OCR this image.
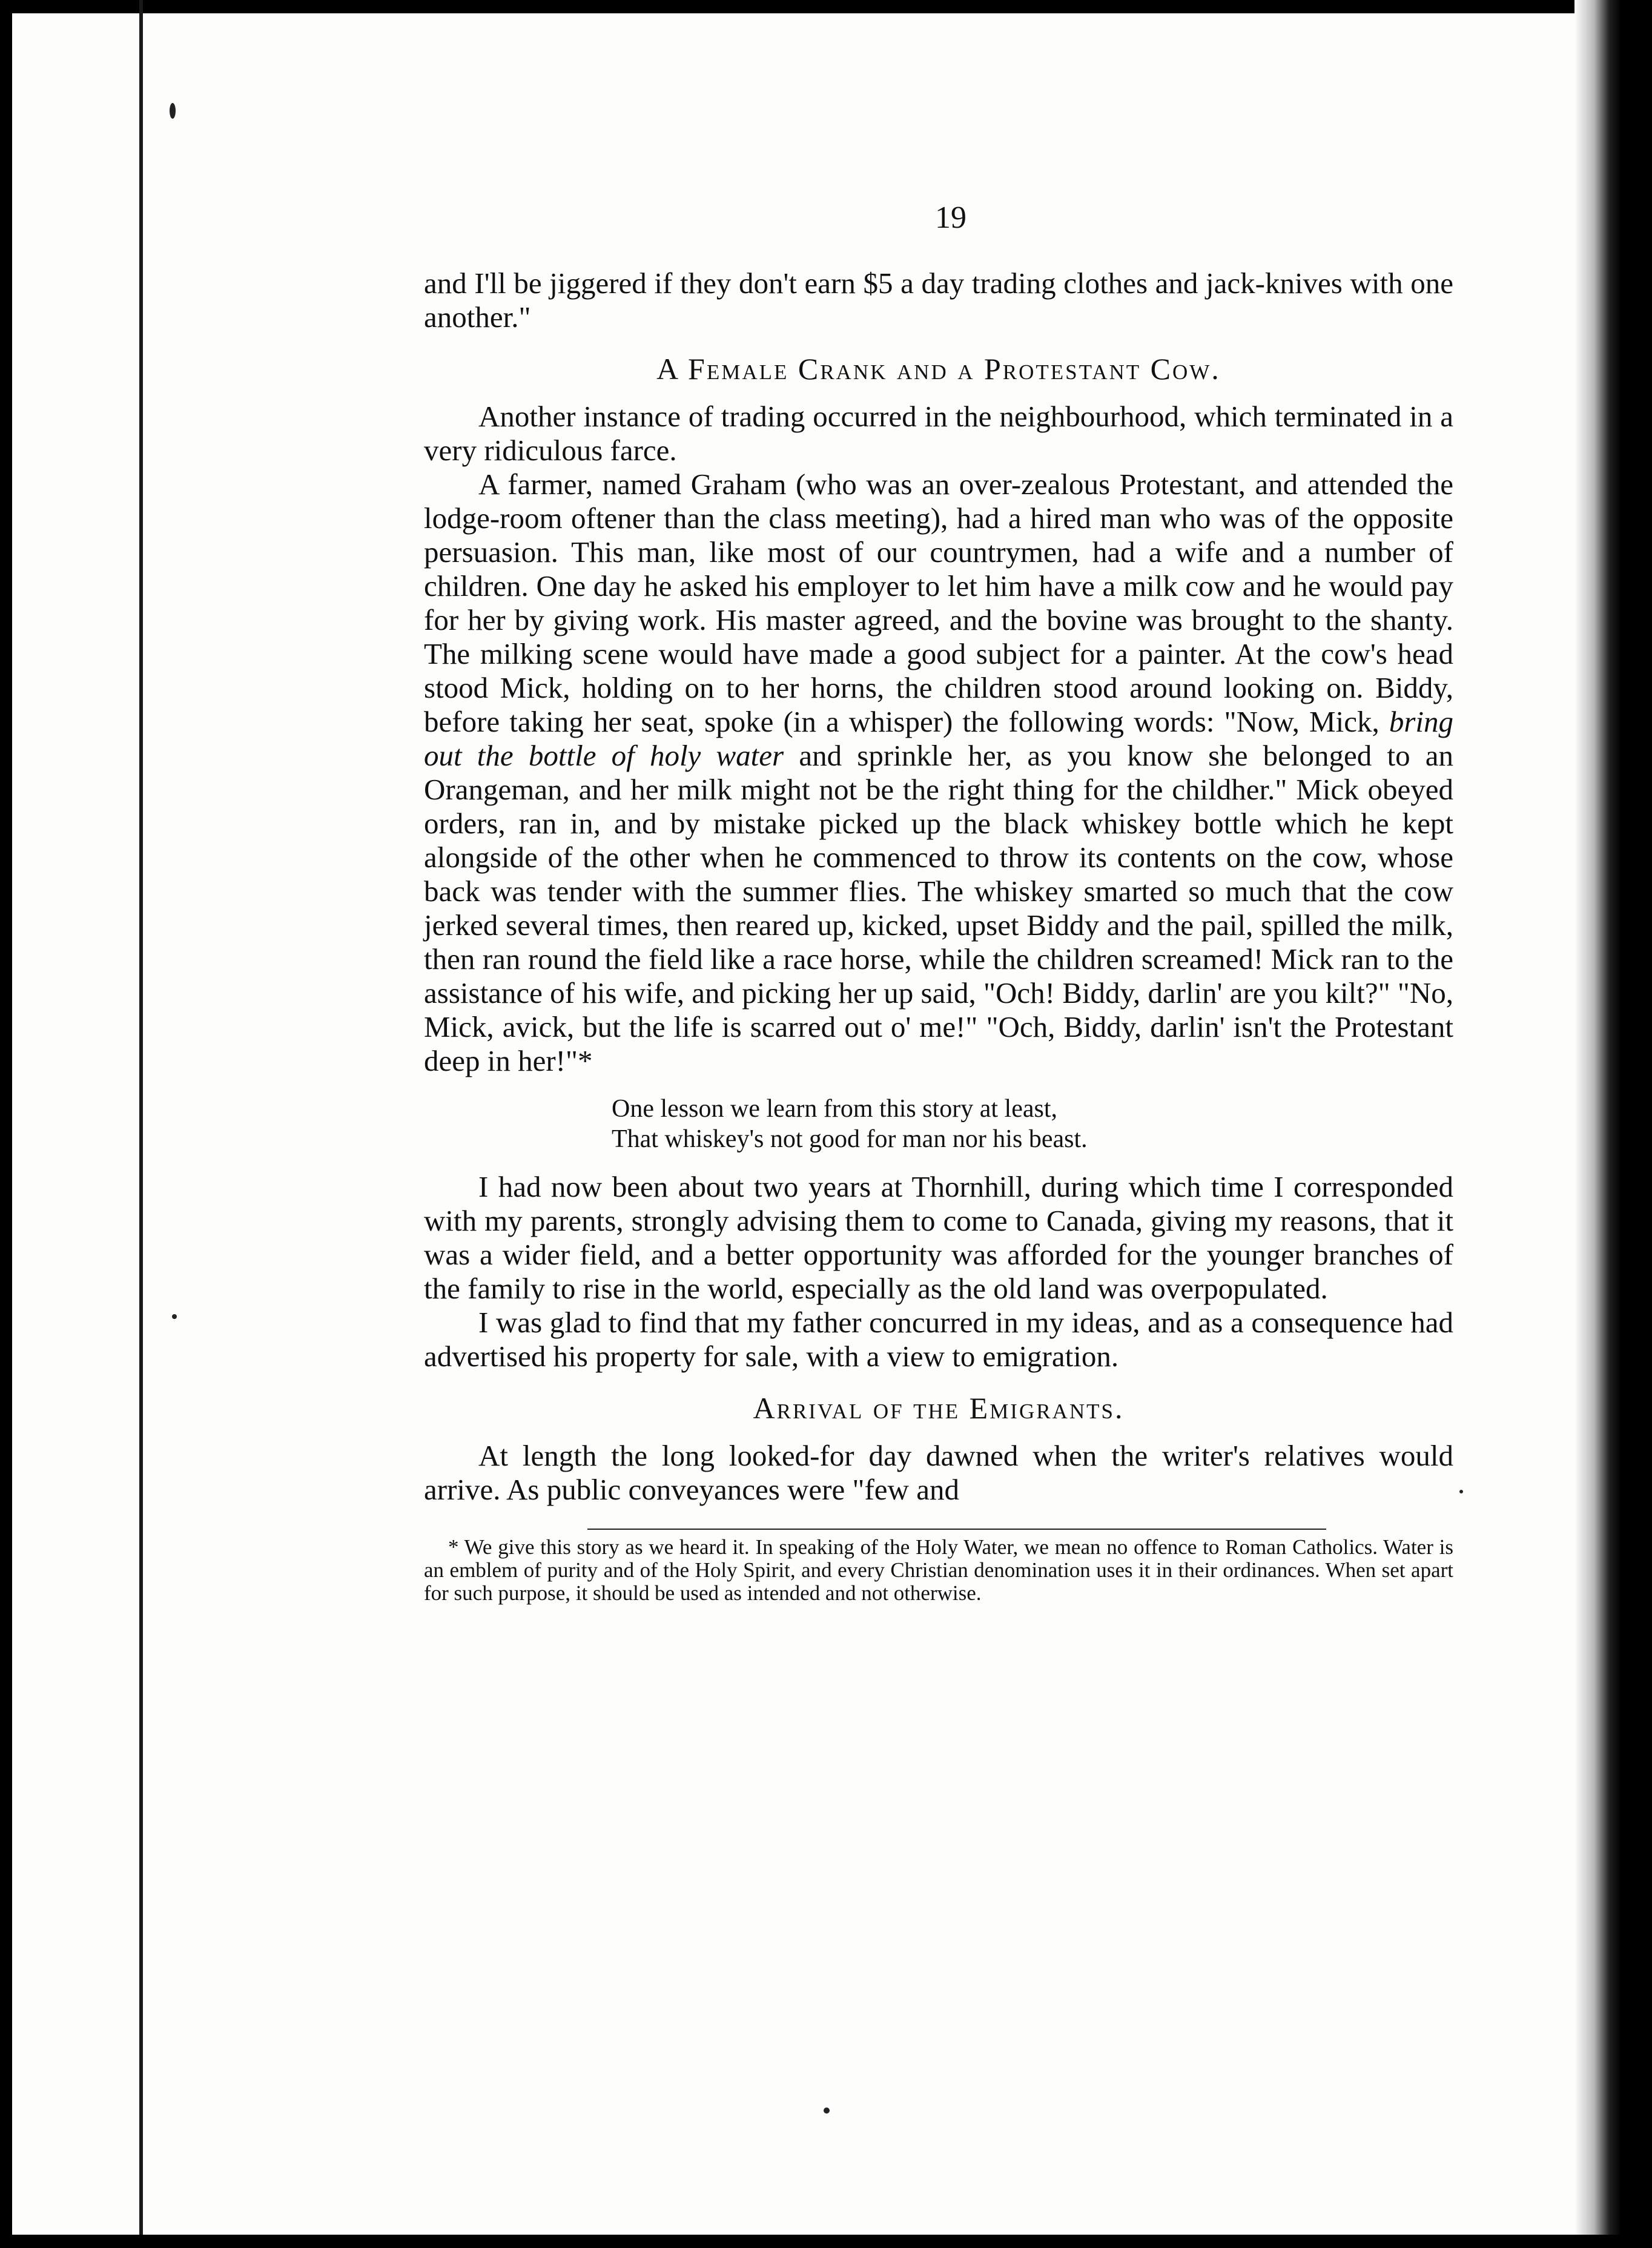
19

and I'll be jiggered if they don't earn $5 a day trading clothes and jack-knives with one another."

A Female Crank and a Protestant Cow.

Another instance of trading occurred in the neighbourhood, which terminated in a very ridiculous farce.

A farmer, named Graham (who was an over-zealous Protestant, and attended the lodge-room oftener than the class meeting), had a hired man who was of the opposite persuasion. This man, like most of our countrymen, had a wife and a number of children. One day he asked his employer to let him have a milk cow and he would pay for her by giving work. His master agreed, and the bovine was brought to the shanty. The milking scene would have made a good subject for a painter. At the cow's head stood Mick, holding on to her horns, the children stood around looking on. Biddy, before taking her seat, spoke (in a whisper) the following words: "Now, Mick, bring out the bottle of holy water and sprinkle her, as you know she belonged to an Orangeman, and her milk might not be the right thing for the childher." Mick obeyed orders, ran in, and by mistake picked up the black whiskey bottle which he kept alongside of the other when he commenced to throw its contents on the cow, whose back was tender with the summer flies. The whiskey smarted so much that the cow jerked several times, then reared up, kicked, upset Biddy and the pail, spilled the milk, then ran round the field like a race horse, while the children screamed! Mick ran to the assistance of his wife, and picking her up said, "Och! Biddy, darlin' are you kilt?" "No, Mick, avick, but the life is scarred out o' me!" "Och, Biddy, darlin' isn't the Protestant deep in her!"*

One lesson we learn from this story at least,
That whiskey's not good for man nor his beast.

I had now been about two years at Thornhill, during which time I corresponded with my parents, strongly advising them to come to Canada, giving my reasons, that it was a wider field, and a better opportunity was afforded for the younger branches of the family to rise in the world, especially as the old land was overpopulated.

I was glad to find that my father concurred in my ideas, and as a consequence had advertised his property for sale, with a view to emigration.

Arrival of the Emigrants.

At length the long looked-for day dawned when the writer's relatives would arrive. As public conveyances were "few and

* We give this story as we heard it. In speaking of the Holy Water, we mean no offence to Roman Catholics. Water is an emblem of purity and of the Holy Spirit, and every Christian denomination uses it in their ordinances. When set apart for such purpose, it should be used as intended and not otherwise.
